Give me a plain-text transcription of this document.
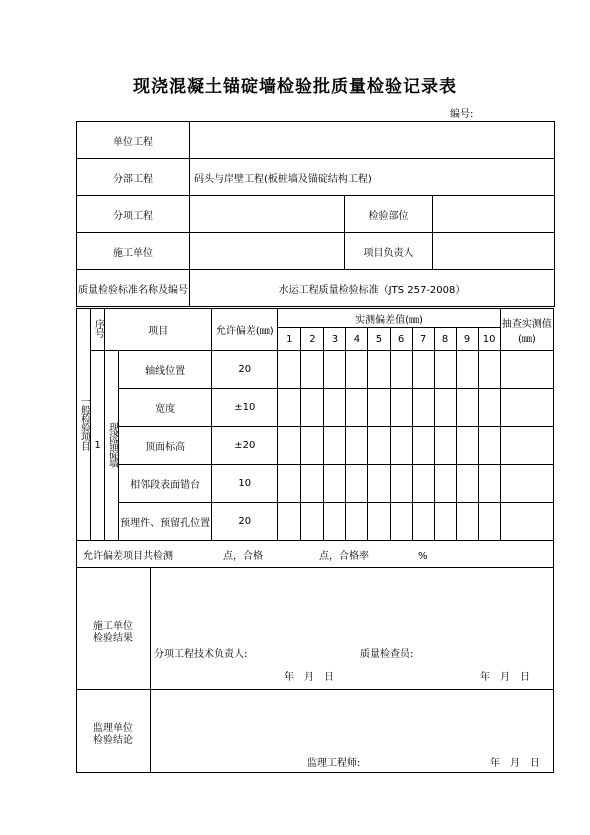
现浇混凝土锚碇墙检验批质量检验记录表
编号:
单位工程			
分部工程	码头与岸壁工程(板桩墙及锚碇结构工程)		
分项工程		检验部位	
施工单位		项目负责人	
质量检验标准名称及编号	水运工程质量检验标准（JTS 257-2008）		
一般检验项目	序号	项目		允许偏差(㎜)	实测偏差值(㎜)										抽查实测值(㎜)
					1	2	3	4	5	6	7	8	9	10	
	1	现浇锚碇墙	轴线位置	20											
			宽度	±10											
			顶面标高	±20											
			相邻段表面错台	10											
			预埋件、预留孔位置	20											
允许偏差项目共检测 点，合格 点，合格率 %															
施工单位
检验结果
分项工程技术负责人:	质量检查员:
年　月　日	年　月　日
监理单位
检验结论
监理工程师:	年　月　日
